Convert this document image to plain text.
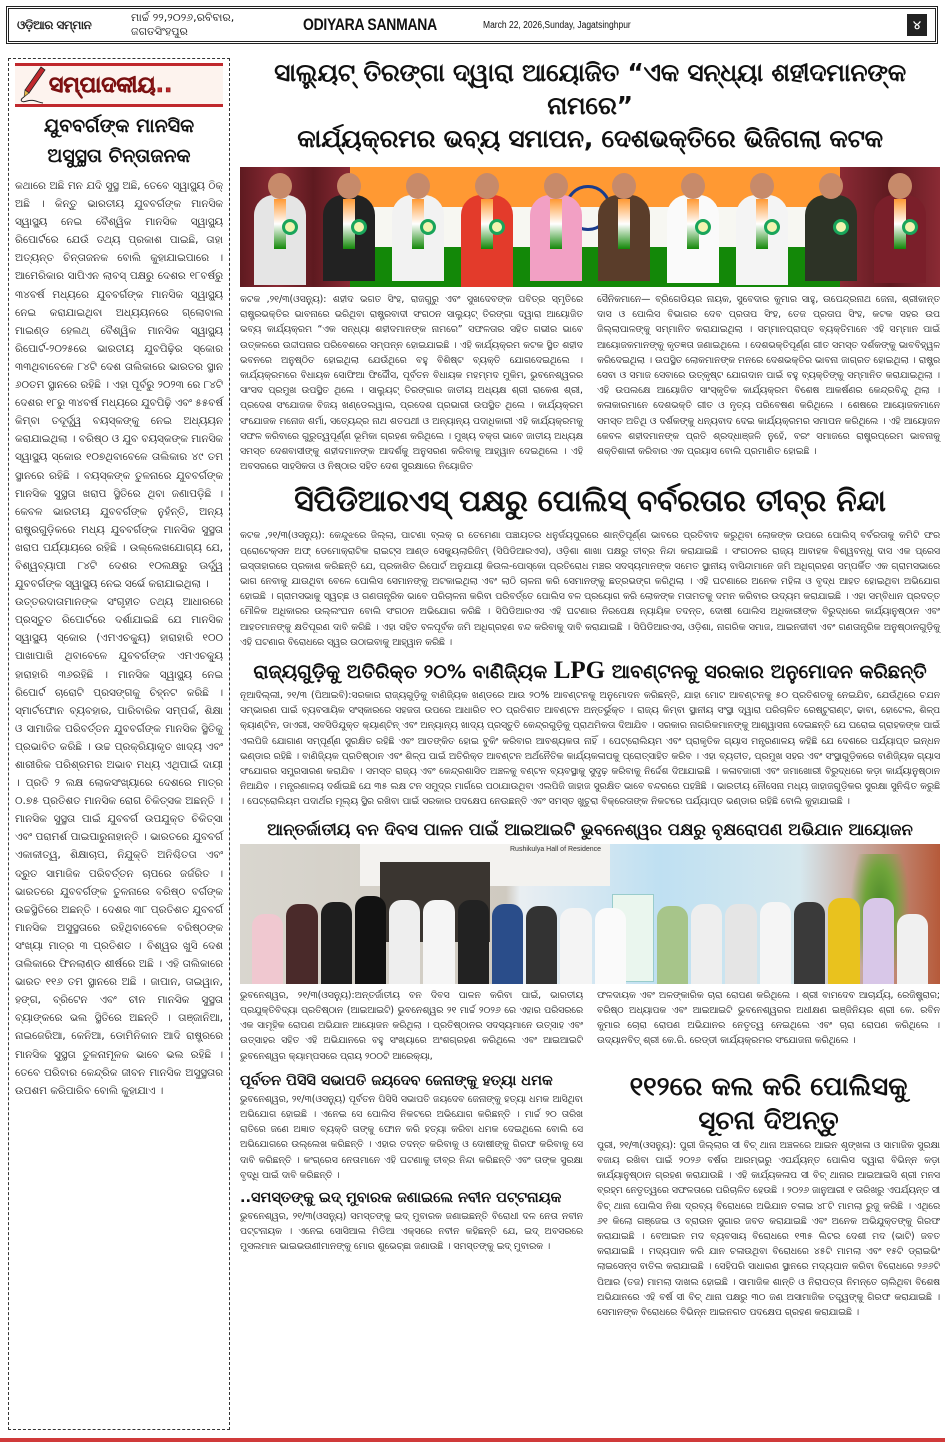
ଓଡ଼ିଆର ସମ୍ମାନ	ମାର୍ଚ୍ଚ ୨୨,୨୦୨୬,ରବିବାର, ଜଗତସିଂହପୁର	ODIYARA SANMANA	March 22, 2026,Sunday, Jagatsinghpur	୪
ସମ୍ପାଦକୀୟ..
ଯୁବବର୍ଗଙ୍କ ମାନସିକ ଅସୁସ୍ଥତା ଚିନ୍ତାଜନକ

କଥାରେ ଅଛି ମନ ଯଦି ସୁସ୍ଥ ଅଛି, ତେବେ ସ୍ୱାସ୍ଥ୍ୟ ଠିକ୍ ଅଛି । କିନ୍ତୁ ଭାରତୀୟ ଯୁବବର୍ଗଙ୍କ ମାନସିକ ସ୍ୱାସ୍ଥ୍ୟ ନେଇ ବୈଶ୍ୱିକ ମାନସିକ ସ୍ୱାସ୍ଥ୍ୟ ରିପୋର୍ଟରେ ଯେଉଁ ତଥ୍ୟ ପ୍ରକାଶ ପାଇଛି, ତାହା ଅତ୍ୟନ୍ତ ଚିନ୍ତାଜନକ ବୋଲି କୁହାଯାଇପାରେ । ଆମେରିକାର ସାପିଏନ ଲାବସ୍ ପକ୍ଷରୁ ଦେଶର ୧୮ବର୍ଷରୁ ୩୪ବର୍ଷ ମଧ୍ୟରେ ଯୁବବର୍ଗଙ୍କ ମାନସିକ ସ୍ୱାସ୍ଥ୍ୟ ନେଇ କରାଯାଇଥିବା ଅଧ୍ୟୟନରେ ଗ୍ଲୋବାଲ ମାଇଣ୍ଡ ହେଲଥ୍ ବୈଶ୍ୱିକ ମାନସିକ ସ୍ୱାସ୍ଥ୍ୟ ରିପୋର୍ଟ-୨୦୨୫ରେ ଭାରତୀୟ ଯୁବପିଢ଼ିର ସ୍କୋର ୩୩ଥିବାବେଳେ ୮୪ଟି ଦେଶ ତାଲିକାରେ ଭାରତର ସ୍ଥାନ ୬୦ତମ ସ୍ଥାନରେ ରହିଛି । ଏହା ପୂର୍ବରୁ ୨୦୨୩ ରେ ୮୪ଟି ଦେଶର ୧୮ରୁ ୩୪ବର୍ଷ ମଧ୍ୟରେ ଯୁବପିଢ଼ି ଏବଂ ୫୫ବର୍ଷ କିମ୍ବା ତଦୂର୍ଦ୍ଧ୍ୱ ବୟସ୍କଙ୍କୁ ନେଇ ଅଧ୍ୟୟନ କରାଯାଇଥିଲା । ବରିଷ୍ଠ ଓ ଯୁବ ବୟସ୍କଙ୍କ ମାନସିକ ସ୍ୱାସ୍ଥ୍ୟ ସ୍କୋର ୧୦୭ଥିବାବେଳେ ତାଲିକାର ୪୯ ତମ ସ୍ଥାନରେ ରହିଛି । ବୟସ୍କଙ୍କ ତୁଳନାରେ ଯୁବବର୍ଗଙ୍କ ମାନସିକ ସୁସ୍ଥତା ଖରାପ ସ୍ଥିତିରେ ଥିବା ଜଣାପଡ଼ିଛି । କେବଳ ଭାରତୀୟ ଯୁବବର୍ଗଙ୍କ ନୁହଁନ୍ତି, ଅନ୍ୟ ରାଷ୍ଟ୍ରଗୁଡ଼ିକରେ ମଧ୍ୟ ଯୁବବର୍ଗଙ୍କ ମାନସିକ ସୁସ୍ଥତା ଖରାପ ପର୍ଯ୍ୟାୟରେ ରହିଛି । ଉଲ୍ଲେଖଯୋଗ୍ୟ ଯେ, ବିଶ୍ୱବ୍ୟାପୀ ୮୪ଟି ଦେଶର ୧୦ଲକ୍ଷରୁ ଊର୍ଦ୍ଧ୍ୱ ଯୁବବର୍ଗଙ୍କ ସ୍ୱାସ୍ଥ୍ୟ ନେଇ ସର୍ଭେ କରାଯାଇଥିଲା ।

ଉତ୍ତରଦାତାମାନଙ୍କ ସଂଗୃହୀତ ତଥ୍ୟ ଆଧାରରେ ପ୍ରସ୍ତୁତ ରିପୋର୍ଟରେ ଦର୍ଶାଯାଇଛି ଯେ ମାନସିକ ସ୍ୱାସ୍ଥ୍ୟ ସ୍କୋର (ଏମଏଚକ୍ୟୁ) ହାରାହାରି ୧୦୦ ପାଖାପାଖି ଥିବାବେଳେ ଯୁବବର୍ଗଙ୍କ ଏମଏଚକ୍ୟୁ ହାରାହାରି ୩୬ରହିଛି । ମାନସିକ ସ୍ୱାସ୍ଥ୍ୟ ନେଇ ରିପୋର୍ଟ ଚାରୋଟି ପ୍ରସଙ୍ଗକୁ ଚିହ୍ନଟ କରିଛି । ସ୍ମାର୍ଟଫୋନ ବ୍ୟବହାର, ପାରିବାରିକ ସମ୍ପର୍କ, ଶିକ୍ଷା ଓ ସାମାଜିକ ପରିବର୍ତ୍ତନ ଯୁବବର୍ଗଙ୍କ ମାନସିକ ସ୍ଥିତିକୁ ପ୍ରଭାବିତ କରିଛି । ଉଚ୍ଚ ପ୍ରକ୍ରିୟାକୃତ ଖାଦ୍ୟ ଏବଂ ଶାରୀରିକ ପରିଶ୍ରମର ଅଭାବ ମଧ୍ୟ ଏଥିପାଇଁ ଦାୟୀ । ପ୍ରତି ୨ ଲକ୍ଷ ଲୋକସଂଖ୍ୟାରେ ଦେଶରେ ମାତ୍ର ୦.୭୫ ପ୍ରତିଶତ ମାନସିକ ରୋଗ ଚିକିତ୍ସକ ଅଛନ୍ତି । ମାନସିକ ସୁସ୍ଥତା ପାଇଁ ଯୁବବର୍ଗ ଉପଯୁକ୍ତ ଚିକିତ୍ସା ଏବଂ ପରାମର୍ଶ ପାଇପାରୁନାହାନ୍ତି । ଭାରତରେ ଯୁବବର୍ଗ ଏକାକୀତ୍ୱ, ଶିକ୍ଷାଚାପ, ନିଯୁକ୍ତି ଅନିଶ୍ଚିତତା ଏବଂ ଦ୍ରୁତ ସାମାଜିକ ପରିବର୍ତ୍ତନ ଚାପରେ ଜର୍ଜରିତ । ଭାରତରେ ଯୁବବର୍ଗଙ୍କ ତୁଳନାରେ ବରିଷ୍ଠ ବର୍ଗଙ୍କ ଉଚ୍ଚସ୍ଥିତିରେ ଅଛନ୍ତି । ଦେଶର ୩୮ ପ୍ରତିଶତ ଯୁବବର୍ଗ ମାନସିକ ଅସୁସ୍ଥତାରେ ରହିଥିବାବେଳେ ବରିଷ୍ଠଙ୍କ ସଂଖ୍ୟା ମାତ୍ର ୩ ପ୍ରତିଶତ । ବିଶ୍ୱର ଖୁସି ଦେଶ ତାଲିକାରେ ଫିନଲାଣ୍ଡ ଶୀର୍ଷରେ ଅଛି । ଏହି ତାଲିକାରେ ଭାରତ ୧୧୬ ତମ ସ୍ଥାନରେ ଅଛି । ଜାପାନ, ତାଇୱାନ, ହଙ୍ଗ, ବ୍ରିଟେନ ଏବଂ ଚୀନ ମାନସିକ ସୁସ୍ଥତା ବ୍ୟାଙ୍କରେ ଭଲ ସ୍ଥିତିରେ ଅଛନ୍ତି । ତାଞ୍ଜାନିଆ, ନାଇଜେରିଆ, କେନିଆ, ଡୋମିନିକାନ ଆଦି ରାଷ୍ଟ୍ରରେ ମାନସିକ ସୁସ୍ଥତା ତୁଳନାମୂଳକ ଭାବେ ଭଲ ରହିଛି । ତେବେ ପରିବାର କେନ୍ଦ୍ରିକ ଜୀବନ ମାନସିକ ଅସୁସ୍ଥତାର ଉପଶମ କରିପାରିବ ବୋଲି କୁହାଯାଏ ।

ସାଲ୍ୟୁଟ୍ ତିରଙ୍ଗା ଦ୍ୱାରା ଆୟୋଜିତ “ଏକ ସନ୍ଧ୍ୟା ଶହୀଦମାନଙ୍କ ନାମରେ”
କାର୍ଯ୍ୟକ୍ରମର ଭବ୍ୟ ସମାପନ, ଦେଶଭକ୍ତିରେ ଭିଜିଗଲା କଟକ
କଟକ ,୨୧/୩(ଓସନ୍ୟୁ): ଶହୀଦ ଭଗତ ସିଂହ, ରାଜଗୁରୁ ଏବଂ ସୁଖଦେବଙ୍କ ପବିତ୍ର ସ୍ମୃତିରେ ରାଷ୍ଟ୍ରଭକ୍ତିର ଭାବନାରେ ଭରିଥିବା ରାଷ୍ଟ୍ରବାଦୀ ସଂଗଠନ ସାଲ୍ୟୁଟ୍ ତିରଙ୍ଗା ଦ୍ୱାରା ଆୟୋଜିତ ଭବ୍ୟ କାର୍ଯ୍ୟକ୍ରମ “ଏକ ସନ୍ଧ୍ୟା ଶହୀଦମାନଙ୍କ ନାମରେ” ସଫଳତାର ସହିତ ଗଭୀର ଭାବେ ଉତ୍କଳରେ ଉଦ୍ଦୀପନାର ପରିବେଶରେ ସମ୍ପନ୍ନ ହୋଇଯାଇଛି । ଏହି କାର୍ଯ୍ୟକ୍ରମ କଟକ ସ୍ଥିତ ଶହୀଦ ଭବନରେ ଅନୁଷ୍ଠିତ ହୋଇଥିଲା ଯେଉଁଥିରେ ବହୁ ବିଶିଷ୍ଟ ବ୍ୟକ୍ତି ଯୋଗଦେଇଥିଲେ । କାର୍ଯ୍ୟକ୍ରମରେ ବିଧାୟକ ସୋଫିଆ ଫିର୍ଦ୍ଦୌସ, ପୂର୍ବତନ ବିଧାୟକ ମହମ୍ମଦ ମୁକିମ, ଭୁବନେଶ୍ୱରର ସାଂସଦ ପ୍ରମୁଖ ଉପସ୍ଥିତ ଥିଲେ । ସାଲ୍ୟୁଟ୍ ତିରଙ୍ଗାର ଜାତୀୟ ଅଧ୍ୟକ୍ଷ ଶ୍ରୀ ରାକେଶ ଶ୍ରୀ, ପ୍ରଦେଶ ସଂଯୋଜକ ବିଜୟ ଖଣ୍ଡେଲୱାଲ, ପ୍ରଦେଶ ପ୍ରଭାରୀ ଉପସ୍ଥିତ ଥିଲେ । କାର୍ଯ୍ୟକ୍ରମ ସଂଯୋଜକ ମନୋଜ ଶର୍ମା, ସତ୍ୟେନ୍ଦ୍ର ନାଥ ଶତପଥୀ ଓ ଅନ୍ୟାନ୍ୟ ପଦାଧିକାରୀ ଏହି କାର୍ଯ୍ୟକ୍ରମକୁ ସଫଳ କରିବାରେ ଗୁରୁତ୍ୱପୂର୍ଣ୍ଣ ଭୂମିକା ଗ୍ରହଣ କରିଥିଲେ । ମୁଖ୍ୟ ବକ୍ତା ଭାବେ ଜାତୀୟ ଅଧ୍ୟକ୍ଷ ସମସ୍ତ ଦେଶବାସୀଙ୍କୁ ଶହୀଦମାନଙ୍କ ଆଦର୍ଶକୁ ଅନୁସରଣ କରିବାକୁ ଆହ୍ୱାନ ଦେଇଥିଲେ । ଏହି ଅବସରରେ ସାହସିକତା ଓ ନିଷ୍ଠାର ସହିତ ଦେଶ ସୁରକ୍ଷାରେ ନିୟୋଜିତ
ସୈନିକମାନେ— ବ୍ରିଗେଡିୟର ନାୟକ, ସୁବେଦାର କୁମାର ସାହୁ, ଉପେନ୍ଦ୍ରନାଥ ଜେନା, ଶ୍ରୀକାନ୍ତ ଦାସ ଓ ପୋଲିସ ବିଭାଗର ଦେବ ପ୍ରତାପ ସିଂହ, ତେଜ ପ୍ରତାପ ସିଂହ, କଟକ ସହର ଉପ ଜିଲ୍ଲାପାଳଙ୍କୁ ସମ୍ମାନିତ କରାଯାଇଥିଲା । ସମ୍ମାନପ୍ରାପ୍ତ ବ୍ୟକ୍ତିମାନେ ଏହି ସମ୍ମାନ ପାଇଁ ଆୟୋଜକମାନଙ୍କୁ କୃତଜ୍ଞତା ଜଣାଇଥିଲେ । ଦେଶଭକ୍ତିପୂର୍ଣ୍ଣ ଗୀତ ସମସ୍ତ ଦର୍ଶକଙ୍କୁ ଭାବବିହ୍ୱଳ କରିଦେଇଥିଲା । ଉପସ୍ଥିତ ଲୋକମାନଙ୍କ ମନରେ ଦେଶଭକ୍ତିର ଭାବନା ଜାଗ୍ରତ ହୋଇଥିଲା । ରାଷ୍ଟ୍ର ସେବା ଓ ସମାଜ ସେବାରେ ଉତ୍କୃଷ୍ଟ ଯୋଗଦାନ ପାଇଁ ବହୁ ବ୍ୟକ୍ତିଙ୍କୁ ସମ୍ମାନିତ କରାଯାଇଥିଲା । ଏହି ଉପଲକ୍ଷେ ଆୟୋଜିତ ସାଂସ୍କୃତିକ କାର୍ଯ୍ୟକ୍ରମ ବିଶେଷ ଆକର୍ଷଣର କେନ୍ଦ୍ରବିନ୍ଦୁ ଥିଲା । କଳାକାରମାନେ ଦେଶଭକ୍ତି ଗୀତ ଓ ନୃତ୍ୟ ପରିବେଷଣ କରିଥିଲେ । ଶେଷରେ ଆୟୋଜକମାନେ ସମସ୍ତ ଅତିଥି ଓ ଦର୍ଶକଙ୍କୁ ଧନ୍ୟବାଦ ଦେଇ କାର୍ଯ୍ୟକ୍ରମର ସମାପନ କରିଥିଲେ । ଏହି ଆୟୋଜନ କେବଳ ଶହୀଦମାନଙ୍କ ପ୍ରତି ଶ୍ରଦ୍ଧାଞ୍ଜଳି ନୁହେଁ, ବରଂ ସମାଜରେ ରାଷ୍ଟ୍ରପ୍ରେମ ଭାବନାକୁ ଶକ୍ତିଶାଳୀ କରିବାର ଏକ ପ୍ରୟାସ ବୋଲି ପ୍ରମାଣିତ ହୋଇଛି ।
ସିପିଡିଆରଏସ୍ ପକ୍ଷରୁ ପୋଲିସ୍ ବର୍ବରତାର ତୀବ୍ର ନିନ୍ଦା

କଟକ ,୨୧/୩(ଓସନ୍ୟୁ): କେନ୍ଦୁଝରେ ଜିଲ୍ଲା, ପାଟଣା ବ୍ଲକ୍ ର ତେମେଣା ପଞ୍ଚାୟତର ଧନୁର୍ଜୟପୁରରେ ଶାନ୍ତିପୂର୍ଣ୍ଣ ଭାବରେ ପ୍ରତିବାଦ କରୁଥିବା ଲୋକଙ୍କ ଉପରେ ପୋଲିସ୍ ବର୍ବରତାକୁ କମିଟି ଫର ପ୍ରୋଟେକ୍ସନ ଅଫ୍ ଡେମୋକ୍ରାଟିକ ରାଇଟ୍ସ ଆଣ୍ଡ ସେକ୍ୟୁଲାରିଜିମ୍ (ସିପିଡିଆରଏସ), ଓଡ଼ିଶା ଶାଖା ପକ୍ଷରୁ ତୀବ୍ର ନିନ୍ଦା କରାଯାଇଛି । ସଂଗଠନର ରାଜ୍ୟ ଆବାହକ ବିଶ୍ୱବନ୍ଧୁ ଦାସ ଏକ ପ୍ରେସ ଇସ୍ତାହାରରେ ପ୍ରକାଶ କରିଛନ୍ତି ଯେ, ପ୍ରକାଶିତ ରିପୋର୍ଟ ଅନୁଯାୟୀ କିଉଲ-ପୋସ୍କୋ ପ୍ରତିରୋଧ ମଞ୍ଚର ସଦସ୍ୟମାନଙ୍କ ସମେତ ସ୍ଥାନୀୟ ବାସିନ୍ଦାମାନେ ଜମି ଅଧିଗ୍ରହଣ ସମ୍ପର୍କିତ ଏକ ଗ୍ରାମସଭାରେ ଭାଗ ନେବାକୁ ଯାଉଥିବା ବେଳେ ପୋଲିସ ସେମାନଙ୍କୁ ଅଟକାଇଥିଲା ଏବଂ ଲାଠି ଚାଳନା କରି ସେମାନଙ୍କୁ ଛତ୍ରଭଙ୍ଗ କରିଥିଲା । ଏହି ଘଟଣାରେ ଅନେକ ମହିଳା ଓ ବୃଦ୍ଧ ଆହତ ହୋଇଥିବା ଅଭିଯୋଗ ହୋଇଛି । ଗ୍ରାମସଭାକୁ ସ୍ୱଚ୍ଛ ଓ ଗଣତାନ୍ତ୍ରିକ ଭାବେ ପରିଚାଳନା କରିବା ପରିବର୍ତ୍ତେ ପୋଲିସ ବଳ ପ୍ରୟୋଗ କରି ଲୋକଙ୍କ ମତାମତକୁ ଦମନ କରିବାର ଉଦ୍ୟମ କରାଯାଇଛି । ଏହା ସମ୍ବିଧାନ ପ୍ରଦତ୍ତ ମୌଳିକ ଅଧିକାରର ଉଲ୍ଲଂଘନ ବୋଲି ସଂଗଠନ ଅଭିଯୋଗ କରିଛି । ସିପିଡିଆରଏସ ଏହି ଘଟଣାର ନିରପେକ୍ଷ ନ୍ୟାୟିକ ତଦନ୍ତ, ଦୋଷୀ ପୋଲିସ ଅଧିକାରୀଙ୍କ ବିରୁଦ୍ଧରେ କାର୍ଯ୍ୟାନୁଷ୍ଠାନ ଏବଂ ଆହତମାନଙ୍କୁ କ୍ଷତିପୂରଣ ଦାବି କରିଛି । ଏହା ସହିତ ବଳପୂର୍ବକ ଜମି ଅଧିଗ୍ରହଣ ବନ୍ଦ କରିବାକୁ ଦାବି କରାଯାଇଛି । ସିପିଡିଆରଏସ, ଓଡ଼ିଶା, ନାଗରିକ ସମାଜ, ଆଇନଜୀବୀ ଏବଂ ଗଣତାନ୍ତ୍ରିକ ଅନୁଷ୍ଠାନଗୁଡ଼ିକୁ ଏହି ଘଟଣାର ବିରୋଧରେ ସ୍ୱର ଉଠାଇବାକୁ ଆହ୍ୱାନ କରିଛି ।

ରାଜ୍ୟଗୁଡ଼ିକୁ ଅତିରିକ୍ତ ୨୦% ବାଣିଜ୍ୟିକ LPG ଆବଣ୍ଟନକୁ ସରକାର ଅନୁମୋଦନ କରିଛନ୍ତି

ନୂଆଦିଲ୍ଲୀ, ୨୧/୩ (ପିଆଇବି):ସରକାର ରାଜ୍ୟଗୁଡ଼ିକୁ ବାଣିଜ୍ୟିକ ଖଣ୍ଡରେ ଆଉ ୨୦% ଆବଣ୍ଟନକୁ ଅନୁମୋଦନ କରିଛନ୍ତି, ଯାହା ମୋଟ ଆବଣ୍ଟନକୁ ୫୦ ପ୍ରତିଶତକୁ ନେଇଯିବ, ଯେଉଁଥିରେ ଚଯନ ସମ୍ଭାରଣ ପାଇଁ ବ୍ୟବସାୟିକ ସଂସ୍କାରରେ ସହଜତା ଉପରେ ଆଧାରିତ ୧୦ ପ୍ରତିଶତ ଆବଣ୍ଟନ ଅନ୍ତର୍ଭୁକ୍ତ । ରାଜ୍ୟ କିମ୍ବା ସ୍ଥାନୀୟ ସଂସ୍ଥା ଦ୍ୱାରା ପରିଚାଳିତ ରେଷ୍ଟୁରାଣ୍ଟ, ଢାବା, ହୋଟେଲ, ଶିଳ୍ପ କ୍ୟାଣ୍ଟିନ, ଡାଏରୀ, ସବସିଡିଯୁକ୍ତ କ୍ୟାଣ୍ଟିନ୍ ଏବଂ ଅନ୍ୟାନ୍ୟ ଖାଦ୍ୟ ପ୍ରସ୍ତୁତି କେନ୍ଦ୍ରଗୁଡ଼ିକୁ ପ୍ରାଥମିକତା ଦିଆଯିବ । ସରକାର ନାଗରିକମାନଙ୍କୁ ଆଶ୍ୱାସନା ଦେଇଛନ୍ତି ଯେ ଘରୋଇ ଗ୍ରାହକଙ୍କ ପାଇଁ ଏଲପିଜି ଯୋଗାଣ ସମ୍ପୂର୍ଣ୍ଣ ସୁରକ୍ଷିତ ରହିଛି ଏବଂ ଆତଙ୍କିତ ହୋଇ ବୁକିଂ କରିବାର ଆବଶ୍ୟକତା ନାହିଁ । ପେଟ୍ରୋଲିୟମ ଏବଂ ପ୍ରାକୃତିକ ଗ୍ୟାସ ମନ୍ତ୍ରଣାଳୟ କହିଛି ଯେ ଦେଶରେ ପର୍ଯ୍ୟାପ୍ତ ଇନ୍ଧନ ଭଣ୍ଡାର ରହିଛି । ବାଣିଜ୍ୟିକ ପ୍ରତିଷ୍ଠାନ ଏବଂ ଶିଳ୍ପ ପାଇଁ ଅତିରିକ୍ତ ଆବଣ୍ଟନ ଅର୍ଥନୈତିକ କାର୍ଯ୍ୟକଳାପକୁ ପ୍ରୋତ୍ସାହିତ କରିବ । ଏହା ବ୍ୟତୀତ, ପ୍ରମୁଖ ସହର ଏବଂ ସଂସ୍ଥାଗୁଡ଼ିକରେ ବାଣିଜ୍ୟିକ ଗ୍ୟାସ ସଂଯୋଗର ସମ୍ପ୍ରସାରଣ କରାଯିବ । ସମସ୍ତ ରାଜ୍ୟ ଏବଂ କେନ୍ଦ୍ରଶାସିତ ଅଞ୍ଚଳକୁ ବଣ୍ଟନ ବ୍ୟବସ୍ଥାକୁ ସୁଦୃଢ଼ କରିବାକୁ ନିର୍ଦ୍ଦେଶ ଦିଆଯାଇଛି । କଳାବଜାରୀ ଏବଂ ଜମାଖୋରୀ ବିରୁଦ୍ଧରେ କଡ଼ା କାର୍ଯ୍ୟାନୁଷ୍ଠାନ ନିଆଯିବ । ମନ୍ତ୍ରଣାଳୟ ଦର୍ଶାଇଛି ଯେ ୩୫ ଲକ୍ଷ ଟନ ସମୁଦ୍ର ମାର୍ଗରେ ପଠାଯାଉଥିବା ଏଲପିଜି ଜାହାଜ ସୁରକ୍ଷିତ ଭାବେ ବନ୍ଦରରେ ପହଞ୍ଚିଛି । ଭାରତୀୟ ନୌସେନା ମଧ୍ୟ ଜାହାଜଗୁଡ଼ିକର ସୁରକ୍ଷା ସୁନିଶ୍ଚିତ କରୁଛି । ପେଟ୍ରୋଲିୟମ ପଦାର୍ଥର ମୂଲ୍ୟ ସ୍ଥିର ରଖିବା ପାଇଁ ସରକାର ପଦକ୍ଷେପ ନେଉଛନ୍ତି ଏବଂ ସମସ୍ତ ଖୁଚୁରା ବିକ୍ରେତାଙ୍କ ନିକଟରେ ପର୍ଯ୍ୟାପ୍ତ ଭଣ୍ଡାର ରହିଛି ବୋଲି କୁହାଯାଇଛି ।

ଆନ୍ତର୍ଜାତୀୟ ବନ ଦିବସ ପାଳନ ପାଇଁ ଆଇଆଇଟି ଭୁବନେଶ୍ୱର ପକ୍ଷରୁ ବୃକ୍ଷରୋପଣ ଅଭିଯାନ ଆୟୋଜନ
Rushikulya Hall of Residence
ଭୁବନେଶ୍ୱର, ୨୧/୩(ଓସନ୍ୟୁ):ଅନ୍ତର୍ଜାତୀୟ ବନ ଦିବସ ପାଳନ କରିବା ପାଇଁ, ଭାରତୀୟ ପ୍ରଯୁକ୍ତିବିଦ୍ୟା ପ୍ରତିଷ୍ଠାନ (ଆଇଆଇଟି) ଭୁବନେଶ୍ୱର ୨୧ ମାର୍ଚ୍ଚ ୨୦୨୬ ରେ ଏହାର ପରିସରରେ ଏକ ସାମୂହିକ ରୋପଣ ଅଭିଯାନ ଆୟୋଜନ କରିଥିଲା । ପ୍ରତିଷ୍ଠାନର ସଦସ୍ୟମାନେ ଉତ୍ସାହ ଏବଂ ଉତ୍ସାହର ସହିତ ଏହି ଅଭିଯାନରେ ବହୁ ସଂଖ୍ୟାରେ ଅଂଶଗ୍ରହଣ କରିଥିଲେ ଏବଂ ଆଇଆଇଟି ଭୁବନେଶ୍ୱର କ୍ୟାମ୍ପସରେ ପ୍ରାୟ ୨୦୦ଟି ଆରେକ୍ୟା,
ଫଳଦାୟକ ଏବଂ ଅଳଙ୍କାରିକ ଚାରା ରୋପଣ କରିଥିଲେ । ଶ୍ରୀ ବାମଦେବ ଆଚାର୍ଯ୍ୟ, ରେଜିଷ୍ଟ୍ରାର; ବରିଷ୍ଠ ଅଧ୍ୟାପକ ଏବଂ ଆଇଆଇଟି ଭୁବନେଶ୍ୱରର ଅଧୀକ୍ଷଣ ଇଞ୍ଜିନିୟର ଶ୍ରୀ କେ. ରବିନ କୁମାର ଚୋରା ରୋପଣ ଅଭିଯାନର ନେତୃତ୍ୱ ନେଇଥିଲେ ଏବଂ ଚାରା ରୋପଣ କରିଥିଲେ । ଉଦ୍ୟାନବିତ୍ ଶ୍ରୀ କେ.ରି. ରେଡ୍ଡୀ କାର୍ଯ୍ୟକ୍ରମର ସଂଯୋଜନା କରିଥିଲେ ।
ପୂର୍ବତନ ପିସିସି ସଭାପତି ଜୟଦେବ ଜେନାଙ୍କୁ ହତ୍ୟା ଧମକ

ଭୁବନେଶ୍ୱର, ୨୧/୩(ଓସନ୍ୟୁ) ପୂର୍ବତନ ପିସିସି ସଭାପତି ଜୟଦେବ ଜେନାଙ୍କୁ ହତ୍ୟା ଧମକ ଆସିଥିବା ଅଭିଯୋଗ ହୋଇଛି । ଏନେଇ ସେ ପୋଲିସ ନିକଟରେ ଅଭିଯୋଗ କରିଛନ୍ତି । ମାର୍ଚ୍ଚ ୨୦ ତାରିଖ ରାତିରେ ଜଣେ ଅଜ୍ଞାତ ବ୍ୟକ୍ତି ତାଙ୍କୁ ଫୋନ କରି ହତ୍ୟା କରିବା ଧମକ ଦେଇଥିଲେ ବୋଲି ସେ ଅଭିଯୋଗରେ ଉଲ୍ଲେଖ କରିଛନ୍ତି । ଏହାର ତଦନ୍ତ କରିବାକୁ ଓ ଦୋଷୀଙ୍କୁ ଗିରଫ କରିବାକୁ ସେ ଦାବି କରିଛନ୍ତି । କଂଗ୍ରେସ ନେତାମାନେ ଏହି ଘଟଣାକୁ ତୀବ୍ର ନିନ୍ଦା କରିଛନ୍ତି ଏବଂ ତାଙ୍କ ସୁରକ୍ଷା ବୃଦ୍ଧି ପାଇଁ ଦାବି କରିଛନ୍ତି ।

..ସମସ୍ତଙ୍କୁ ଇଦ୍ ମୁବାରକ ଜଣାଇଲେ ନବୀନ ପଟ୍ଟନାୟକ

ଭୁବନେଶ୍ୱର, ୨୧/୩(ଓସନ୍ୟୁ) ସମସ୍ତଙ୍କୁ ଇଦ୍ ମୁବାରକ ଜଣାଇଛନ୍ତି ବିରୋଧୀ ଦଳ ନେତା ନବୀନ ପଟ୍ଟନାୟକ । ଏନେଇ ସୋସିଆଲ ମିଡିଆ ଏକ୍ସରେ ନବୀନ କହିଛନ୍ତି ଯେ, ଇଦ୍ ଅବସରରେ ମୁସଲମାନ ଭାଇଭଉଣୀମାନଙ୍କୁ ମୋର ଶୁଭେଚ୍ଛା ଜଣାଉଛି । ସମସ୍ତଙ୍କୁ ଇଦ୍ ମୁବାରକ ।

୧୧୨ରେ କଲ କରି ପୋଲିସକୁ ସୂଚନା ଦିଅନ୍ତୁ

ପୁରୀ, ୨୧/୩(ଓସନ୍ୟୁ): ପୁରୀ ଜିଲ୍ଲାର ସୀ ବିଚ୍ ଥାନା ଅଞ୍ଚଳରେ ଆଇନ ଶୃଙ୍ଖଳା ଓ ସାମାଜିକ ସୁରକ୍ଷା ବଜାୟ ରଖିବା ପାଇଁ ୨୦୨୬ ବର୍ଷର ଆରମ୍ଭରୁ ଏପର୍ଯ୍ୟନ୍ତ ପୋଲିସ ଦ୍ୱାରା ବିଭିନ୍ନ କଡ଼ା କାର୍ଯ୍ୟାନୁଷ୍ଠାନ ଗ୍ରହଣ କରାଯାଉଛି । ଏହି କାର୍ଯ୍ୟକଳାପ ସୀ ବିଚ୍ ଥାନାର ଆଇଆଇସି ଶ୍ରୀ ମନସ ବ୍ରହ୍ମ ନେତୃତ୍ୱରେ ସଫଳତାରେ ପରିଚାଳିତ ହେଉଛି । ୨୦୨୬ ଜାନୁଆରୀ ୧ ତାରିଖରୁ ଏପର୍ଯ୍ୟନ୍ତ ସୀ ବିଚ୍ ଥାନା ପୋଲିସ ନିଶା ଦ୍ରବ୍ୟ ବିରୋଧରେ ଅଭିଯାନ ଚଳାଇ ୪୮ଟି ମାମଲା ରୁଜୁ କରିଛି । ଏଥିରେ ୬୧ କିଲୋ ଗଞ୍ଜେଇ ଓ ବ୍ରାଉନ ସୁଗାର ଜବତ କରାଯାଇଛି ଏବଂ ଅନେକ ଅଭିଯୁକ୍ତଙ୍କୁ ଗିରଫ କରାଯାଇଛି । ବେଆଇନ ମଦ ବ୍ୟବସାୟ ବିରୋଧରେ ୧୩୫ ଲିଟର ଦେଶୀ ମଦ (ଭାଟି) ଜବତ କରାଯାଇଛି । ମଦ୍ୟପାନ କରି ଯାନ ଚଳାଉଥିବା ବିରୋଧରେ ୪୫ଟି ମାମଲା ଏବଂ ୧୫ଟି ଡ୍ରାଇଭିଂ ଲାଇସେନ୍ସ ବାତିଲ କରାଯାଇଛି । ସେହିପରି ସାଧାରଣ ସ୍ଥାନରେ ମଦ୍ୟପାନ କରିବା ବିରୋଧରେ ୨୬୬ଟି ପିଆର (ତଜ) ମାମଲା ଦାଖଲ ହୋଇଛି । ସାମାଜିକ ଶାନ୍ତି ଓ ନିରାପତ୍ତା ନିମନ୍ତେ ଚାଲିଥିବା ବିଶେଷ ଅଭିଯାନରେ ଏହି ବର୍ଷ ସୀ ବିଚ୍ ଥାନା ପକ୍ଷରୁ ୩୦ ଜଣ ଅସାମାଜିକ ତତ୍ତ୍ୱଙ୍କୁ ଗିରଫ କରାଯାଇଛି । ସେମାନଙ୍କ ବିରୋଧରେ ବିଭିନ୍ନ ଆଇନଗତ ପଦକ୍ଷେପ ଗ୍ରହଣ କରାଯାଇଛି ।
